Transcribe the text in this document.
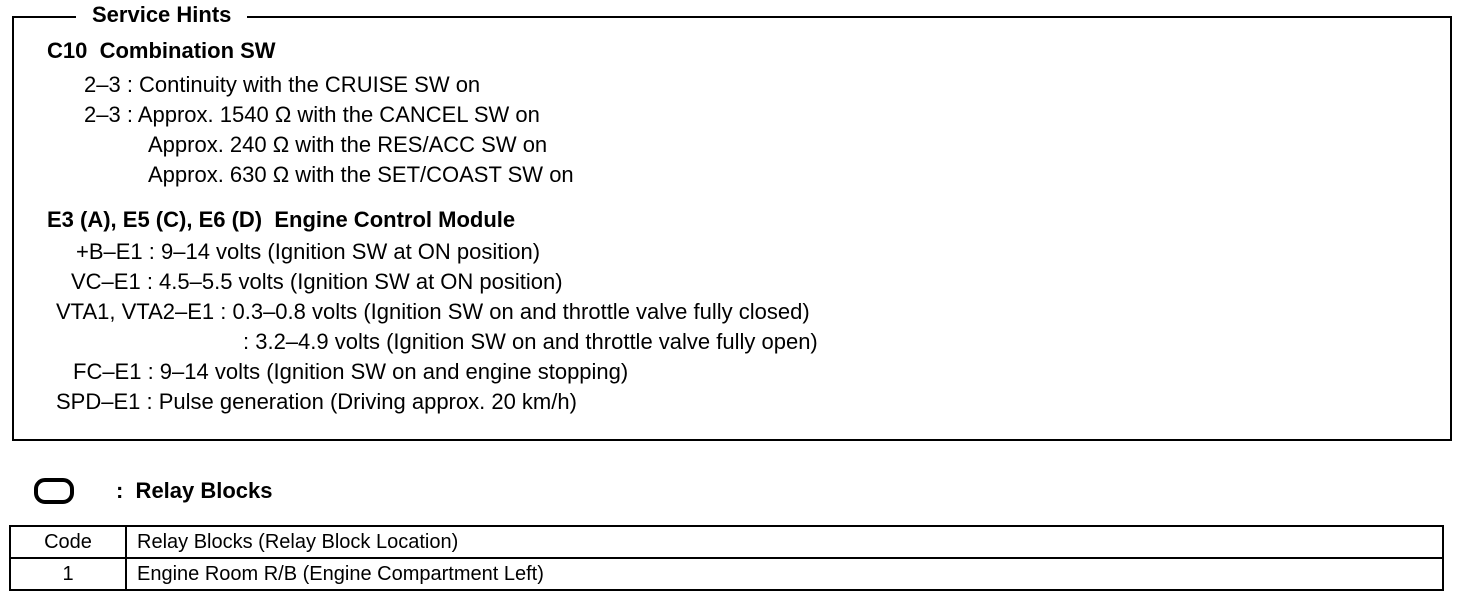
Service Hints
C10  Combination SW
2–3 : Continuity with the CRUISE SW on
2–3 : Approx. 1540 Ω with the CANCEL SW on
Approx. 240 Ω with the RES/ACC SW on
Approx. 630 Ω with the SET/COAST SW on
E3 (A), E5 (C), E6 (D)  Engine Control Module
+B–E1 : 9–14 volts (Ignition SW at ON position)
VC–E1 : 4.5–5.5 volts (Ignition SW at ON position)
VTA1, VTA2–E1 : 0.3–0.8 volts (Ignition SW on and throttle valve fully closed)
: 3.2–4.9 volts (Ignition SW on and throttle valve fully open)
FC–E1 : 9–14 volts (Ignition SW on and engine stopping)
SPD–E1 : Pulse generation (Driving approx. 20 km/h)
:  Relay Blocks
Code	Relay Blocks (Relay Block Location)
1	Engine Room R/B (Engine Compartment Left)
